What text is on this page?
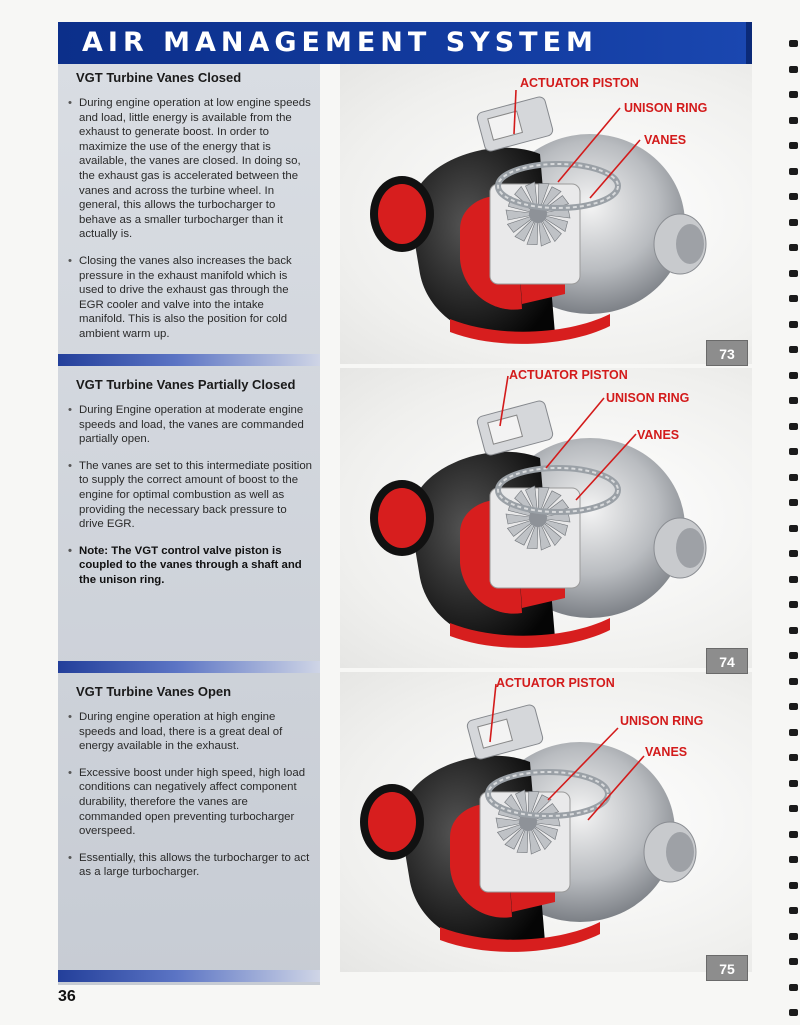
AIR MANAGEMENT SYSTEM
VGT Turbine Vanes Closed
• During engine operation at low engine speeds and load, little energy is available from the exhaust to generate boost. In order to maximize the use of the energy that is available, the vanes are closed. In doing so, the exhaust gas is accelerated between the vanes and across the turbine wheel. In general, this allows the turbocharger to behave as a smaller turbocharger than it actually is.
• Closing the vanes also increases the back pressure in the exhaust manifold which is used to drive the exhaust gas through the EGR cooler and valve into the intake manifold. This is also the position for cold ambient warm up.
VGT Turbine Vanes Partially Closed
• During Engine operation at moderate engine speeds and load, the vanes are commanded partially open.
• The vanes are set to this intermediate position to supply the correct amount of boost to the engine for optimal combustion as well as providing the necessary back pressure to drive EGR.
• Note: The VGT control valve piston is coupled to the vanes through a shaft and the unison ring.
VGT Turbine Vanes Open
• During engine operation at high engine speeds and load, there is a great deal of energy available in the exhaust.
• Excessive boost under high speed, high load conditions can negatively affect component durability, therefore the vanes are commanded open preventing turbocharger overspeed.
• Essentially, this allows the turbocharger to act as a large turbocharger.
ACTUATOR PISTON
UNISON RING
VANES
73
ACTUATOR PISTON
UNISON RING
VANES
74
ACTUATOR PISTON
UNISON RING
VANES
75
36
